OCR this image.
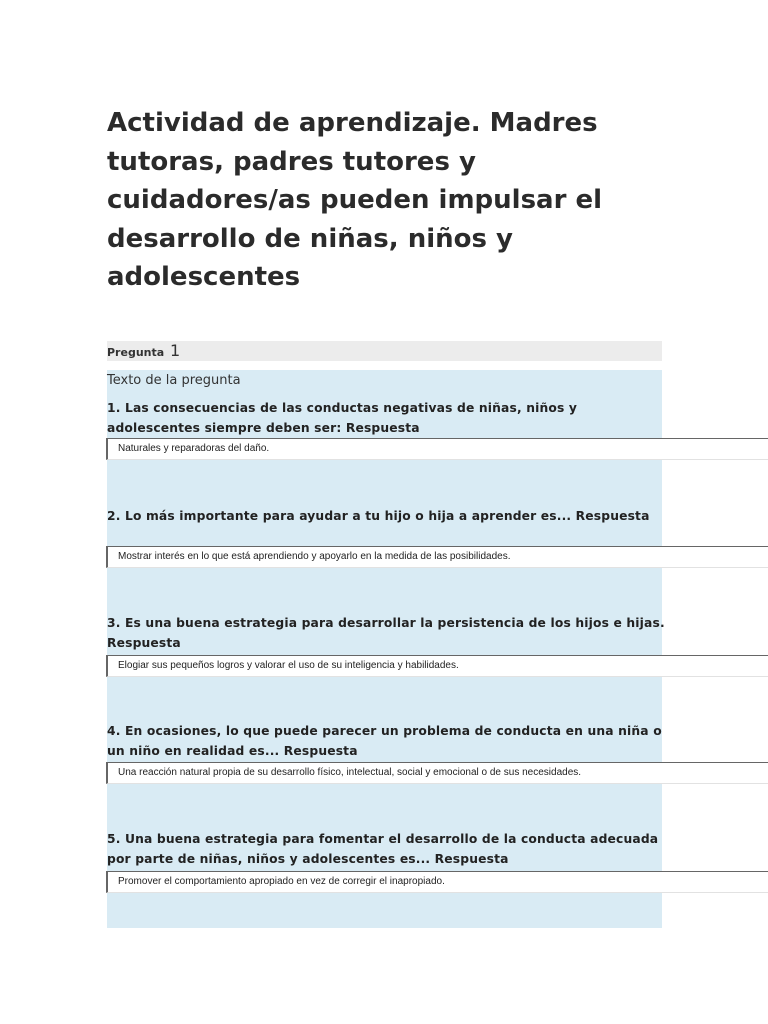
Actividad de aprendizaje. Madres tutoras, padres tutores y cuidadores/as pueden impulsar el desarrollo de niñas, niños y adolescentes
Pregunta 1
Texto de la pregunta

1. Las consecuencias de las conductas negativas de niñas, niños y adolescentes siempre deben ser: Respuesta

Naturales y reparadoras del daño.

2. Lo más importante para ayudar a tu hijo o hija a aprender es... Respuesta

Mostrar interés en lo que está aprendiendo y apoyarlo en la medida de las posibilidades.

3. Es una buena estrategia para desarrollar la persistencia de los hijos e hijas. Respuesta

Elogiar sus pequeños logros y valorar el uso de su inteligencia y habilidades.

4. En ocasiones, lo que puede parecer un problema de conducta en una niña o un niño en realidad es... Respuesta

Una reacción natural propia de su desarrollo físico, intelectual, social y emocional o de sus necesidades.

5. Una buena estrategia para fomentar el desarrollo de la conducta adecuada por parte de niñas, niños y adolescentes es... Respuesta

Promover el comportamiento apropiado en vez de corregir el inapropiado.
